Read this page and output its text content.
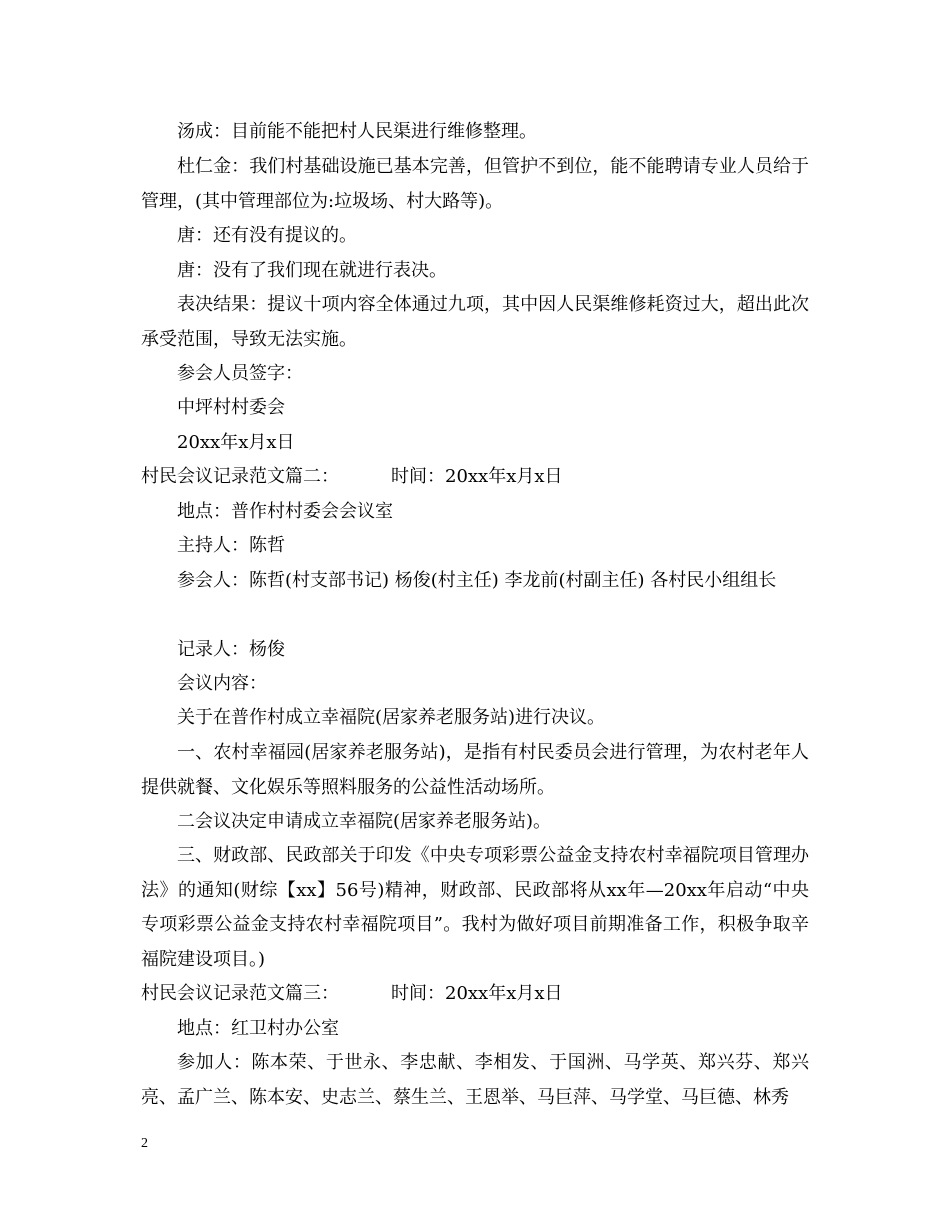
汤成：目前能不能把村人民渠进行维修整理。

杜仁金：我们村基础设施已基本完善，但管护不到位，能不能聘请专业人员给于管理，(其中管理部位为:垃圾场、村大路等)。

唐：还有没有提议的。

唐：没有了我们现在就进行表决。

表决结果：提议十项内容全体通过九项，其中因人民渠维修耗资过大，超出此次承受范围，导致无法实施。

参会人员签字：

中坪村村委会

20xx年x月x日

村民会议记录范文篇二：	时间：20xx年x月x日

地点：普作村村委会会议室

主持人：陈哲

参会人：陈哲(村支部书记) 杨俊(村主任) 李龙前(村副主任) 各村民小组组长

记录人：杨俊

会议内容：

关于在普作村成立幸福院(居家养老服务站)进行决议。

一、农村幸福园(居家养老服务站)，是指有村民委员会进行管理，为农村老年人提供就餐、文化娱乐等照料服务的公益性活动场所。

二会议决定申请成立幸福院(居家养老服务站)。

三、财政部、民政部关于印发《中央专项彩票公益金支持农村幸福院项目管理办法》的通知(财综【xx】56号)精神，财政部、民政部将从xx年—20xx年启动“中央专项彩票公益金支持农村幸福院项目”。我村为做好项目前期准备工作，积极争取辛福院建设项目。)

村民会议记录范文篇三：	时间：20xx年x月x日

地点：红卫村办公室

参加人：陈本荣、于世永、李忠献、李相发、于国洲、马学英、郑兴芬、郑兴亮、孟广兰、陈本安、史志兰、蔡生兰、王恩举、马巨萍、马学堂、马巨德、林秀

2
